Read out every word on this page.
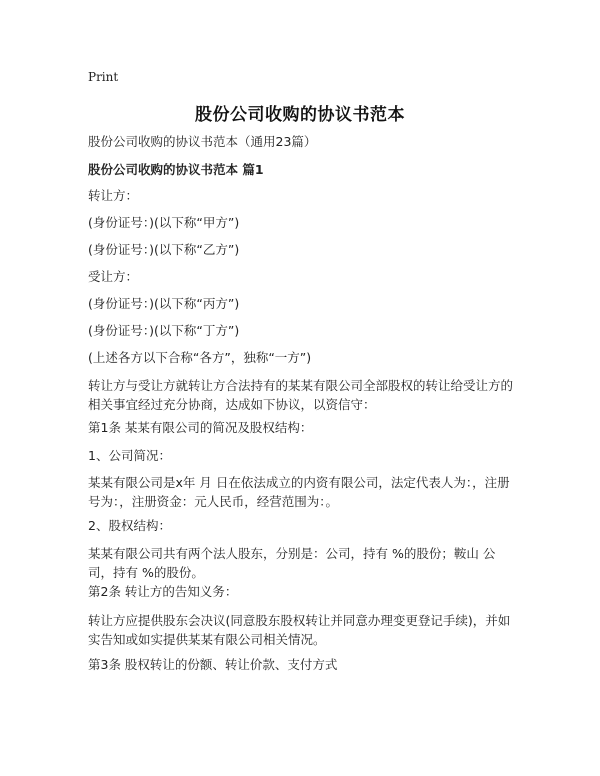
Print
股份公司收购的协议书范本
股份公司收购的协议书范本（通用23篇）
股份公司收购的协议书范本 篇1
转让方：
(身份证号：)(以下称“甲方”)
(身份证号：)(以下称“乙方”)
受让方：
(身份证号：)(以下称“丙方”)
(身份证号：)(以下称“丁方”)
(上述各方以下合称“各方”，独称“一方”)
转让方与受让方就转让方合法持有的某某有限公司全部股权的转让给受让方的相关事宜经过充分协商，达成如下协议，以资信守：
第1条 某某有限公司的简况及股权结构：
1、公司简况：
某某有限公司是x年 月 日在依法成立的内资有限公司，法定代表人为：，注册号为：，注册资金：元人民币，经营范围为：。
2、股权结构：
某某有限公司共有两个法人股东，分别是：公司，持有 %的股份；鞍山 公司，持有 %的股份。
第2条 转让方的告知义务：
转让方应提供股东会决议(同意股东股权转让并同意办理变更登记手续)，并如实告知或如实提供某某有限公司相关情况。
第3条 股权转让的份额、转让价款、支付方式
